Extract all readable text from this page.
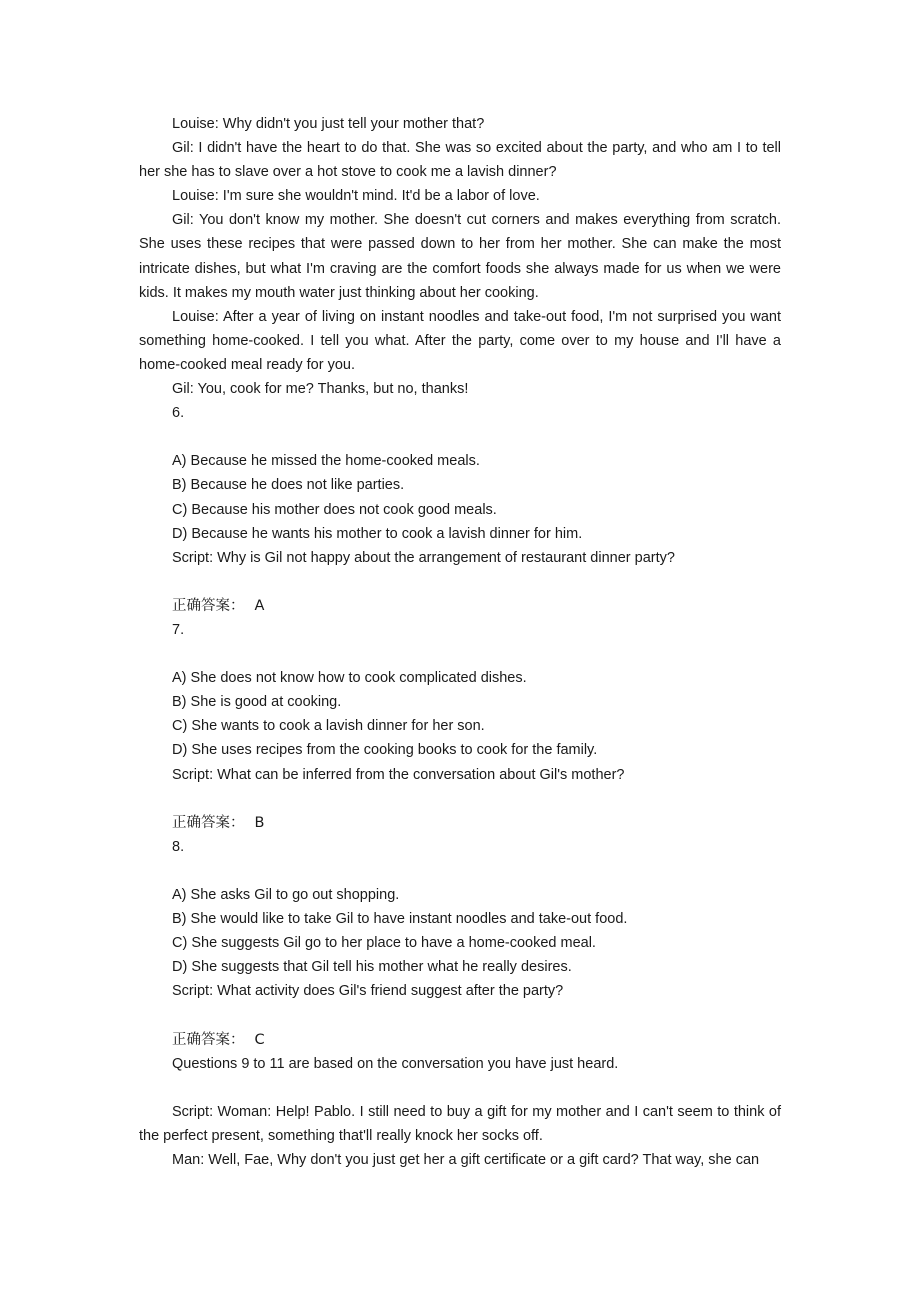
Louise: Why didn't you just tell your mother that?

Gil: I didn't have the heart to do that. She was so excited about the party, and who am I to tell her she has to slave over a hot stove to cook me a lavish dinner?

Louise: I'm sure she wouldn't mind. It'd be a labor of love.

Gil: You don't know my mother. She doesn't cut corners and makes everything from scratch. She uses these recipes that were passed down to her from her mother. She can make the most intricate dishes, but what I'm craving are the comfort foods she always made for us when we were kids. It makes my mouth water just thinking about her cooking.

Louise: After a year of living on instant noodles and take-out food, I'm not surprised you want something home-cooked. I tell you what. After the party, come over to my house and I'll have a home-cooked meal ready for you.

Gil: You, cook for me? Thanks, but no, thanks!

6.

A) Because he missed the home-cooked meals.

B) Because he does not like parties.

C) Because his mother does not cook good meals.

D) Because he wants his mother to cook a lavish dinner for him.

Script: Why is Gil not happy about the arrangement of restaurant dinner party?

正确答案： A

7.

A) She does not know how to cook complicated dishes.

B) She is good at cooking.

C) She wants to cook a lavish dinner for her son.

D) She uses recipes from the cooking books to cook for the family.

Script: What can be inferred from the conversation about Gil's mother?

正确答案： B

8.

A) She asks Gil to go out shopping.

B) She would like to take Gil to have instant noodles and take-out food.

C) She suggests Gil go to her place to have a home-cooked meal.

D) She suggests that Gil tell his mother what he really desires.

Script: What activity does Gil's friend suggest after the party?

正确答案： C

Questions 9 to 11 are based on the conversation you have just heard.

Script: Woman: Help! Pablo. I still need to buy a gift for my mother and I can't seem to think of the perfect present, something that'll really knock her socks off.

Man: Well, Fae, Why don't you just get her a gift certificate or a gift card? That way, she can
